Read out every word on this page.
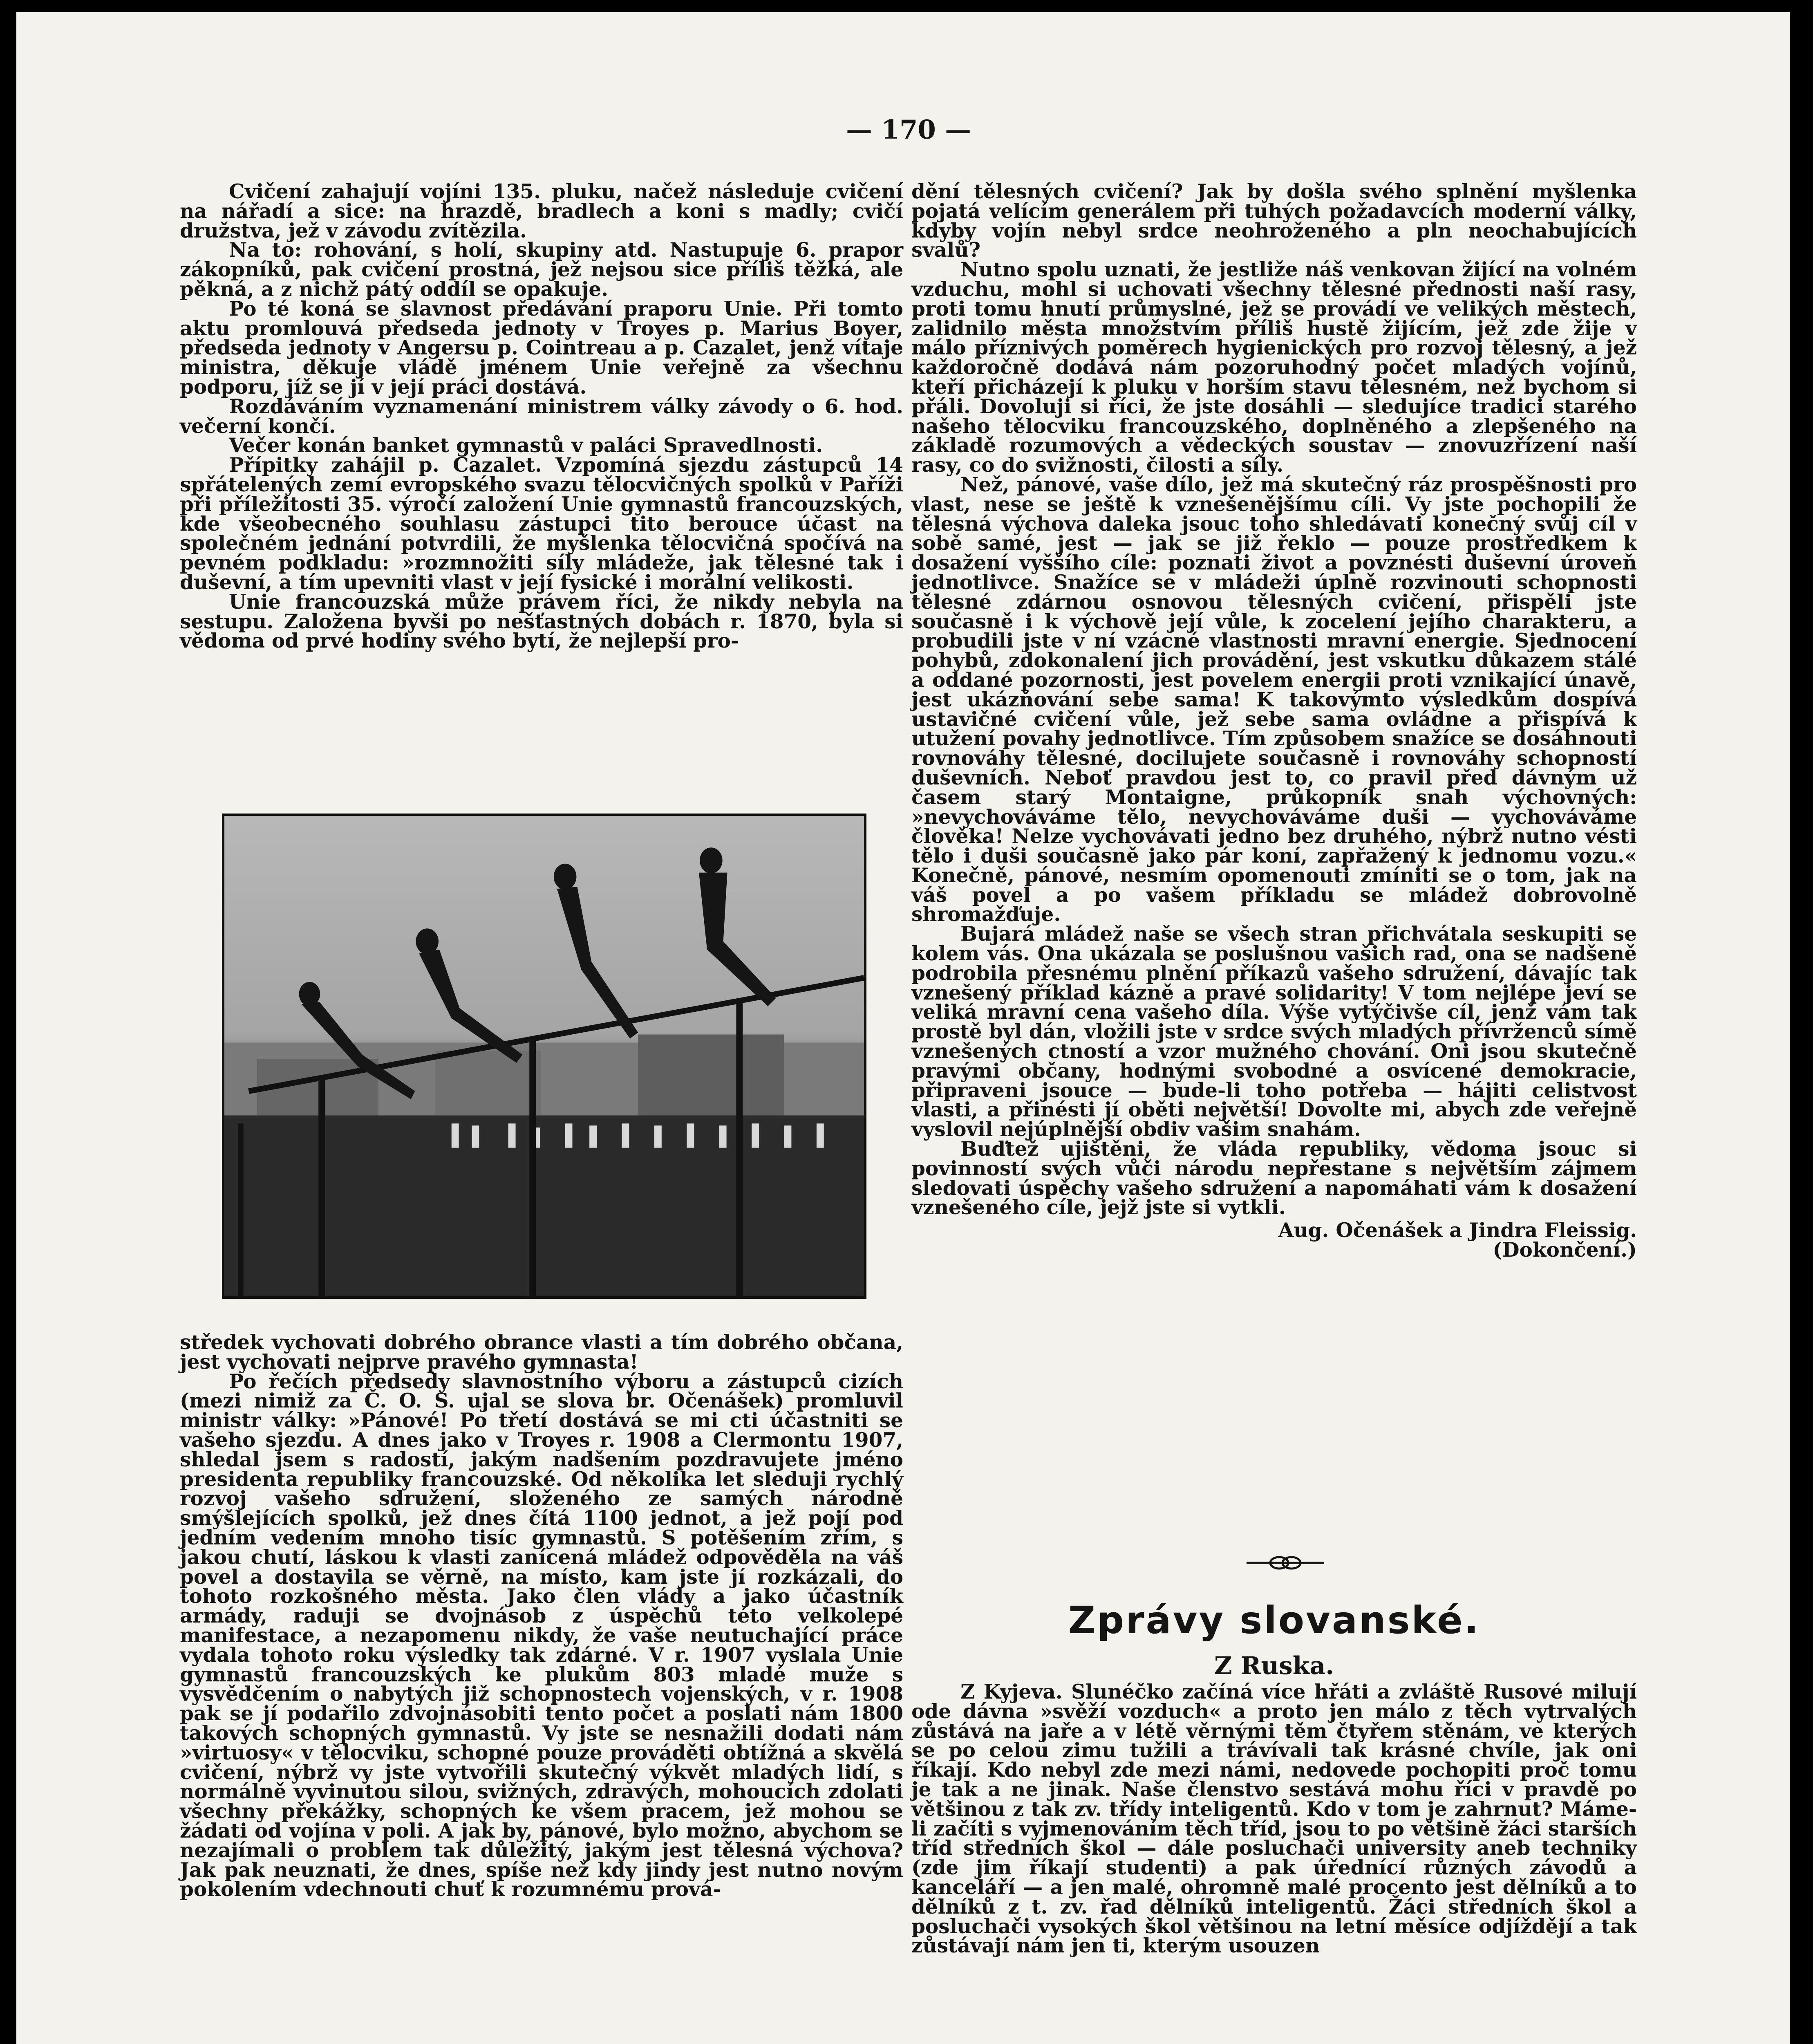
— 170 —

Cvičení zahajují vojíni 135. pluku, načež následuje cvičení na nářadí a sice: na hrazdě, bradlech a koni s madly; cvičí družstva, jež v závodu zvítězila.

Na to: rohování, s holí, skupiny atd. Nastupuje 6. prapor zákopníků, pak cvičení prostná, jež nejsou sice příliš těžká, ale pěkná, a z nichž pátý oddíl se opakuje.

Po té koná se slavnost předávání praporu Unie. Při tomto aktu promlouvá předseda jednoty v Troyes p. Marius Boyer, předseda jednoty v Angersu p. Cointreau a p. Cazalet, jenž vítaje ministra, děkuje vládě jménem Unie veřejně za všechnu podporu, jíž se jí v její práci dostává.

Rozdáváním vyznamenání ministrem války závody o 6. hod. večerní končí.

Večer konán banket gymnastů v paláci Spravedlnosti.

Přípitky zahájil p. Cazalet. Vzpomíná sjezdu zástupců 14 spřátelených zemí evropského svazu tělocvičných spolků v Paříži při příležitosti 35. výročí založení Unie gymnastů francouzských, kde všeobecného souhlasu zástupci tito berouce účast na společném jednání potvrdili, že myšlenka tělocvičná spočívá na pevném podkladu: »rozmnožiti síly mládeže, jak tělesné tak i duševní, a tím upevniti vlast v její fysické i morální velikosti.

Unie francouzská může právem říci, že nikdy nebyla na sestupu. Založena byvši po nešťastných dobách r. 1870, byla si vědoma od prvé hodiny svého bytí, že nejlepší pro-

středek vychovati dobrého obrance vlasti a tím dobrého občana, jest vychovati nejprve pravého gymnasta!

Po řečích předsedy slavnostního výboru a zástupců cizích (mezi nimiž za Č. O. S. ujal se slova br. Očenášek) promluvil ministr války: »Pánové! Po třetí dostává se mi cti účastniti se vašeho sjezdu. A dnes jako v Troyes r. 1908 a Clermontu 1907, shledal jsem s radostí, jakým nadšením pozdravujete jméno presidenta republiky francouzské. Od několika let sleduji rychlý rozvoj vašeho sdružení, složeného ze samých národně smýšlejících spolků, jež dnes čítá 1100 jednot, a jež pojí pod jedním vedením mnoho tisíc gymnastů. S potěšením zřím, s jakou chutí, láskou k vlasti zanícená mládež odpověděla na váš povel a dostavila se věrně, na místo, kam jste jí rozkázali, do tohoto rozkošného města. Jako člen vlády a jako účastník armády, raduji se dvojnásob z úspěchů této velkolepé manifestace, a nezapomenu nikdy, že vaše neutuchající práce vydala tohoto roku výsledky tak zdárné. V r. 1907 vyslala Unie gymnastů francouzských ke plukům 803 mladé muže s vysvědčením o nabytých již schopnostech vojenských, v r. 1908 pak se jí podařilo zdvojnásobiti tento počet a poslati nám 1800 takových schopných gymnastů. Vy jste se nesnažili dodati nám »virtuosy« v tělocviku, schopné pouze prováděti obtížná a skvělá cvičení, nýbrž vy jste vytvořili skutečný výkvět mladých lidí, s normálně vyvinutou silou, svižných, zdravých, mohoucích zdolati všechny překážky, schopných ke všem pracem, jež mohou se žádati od vojína v poli. A jak by, pánové, bylo možno, abychom se nezajímali o problem tak důležitý, jakým jest tělesná výchova? Jak pak neuznati, že dnes, spíše než kdy jindy jest nutno novým pokolením vdechnouti chuť k rozumnému prová-

dění tělesných cvičení? Jak by došla svého splnění myšlenka pojatá velícím generálem při tuhých požadavcích moderní války, kdyby vojín nebyl srdce neohroženého a pln neochabujících svalů?

Nutno spolu uznati, že jestliže náš venkovan žijící na volném vzduchu, mohl si uchovati všechny tělesné přednosti naší rasy, proti tomu hnutí průmyslné, jež se provádí ve velikých městech, zalidnilo města množstvím příliš hustě žijícím, jež zde žije v málo příznivých poměrech hygienických pro rozvoj tělesný, a jež každoročně dodává nám pozoruhodný počet mladých vojínů, kteří přicházejí k pluku v horším stavu tělesném, než bychom si přáli. Dovoluji si říci, že jste dosáhli — sledujíce tradici starého našeho tělocviku francouzského, doplněného a zlepšeného na základě rozumových a vědeckých soustav — znovuzřízení naší rasy, co do svižnosti, čilosti a síly.

Než, pánové, vaše dílo, jež má skutečný ráz prospěšnosti pro vlast, nese se ještě k vznešenějšímu cíli. Vy jste pochopili že tělesná výchova daleka jsouc toho shledávati konečný svůj cíl v sobě samé, jest — jak se již řeklo — pouze prostředkem k dosažení vyššího cíle: poznati život a povznésti duševní úroveň jednotlivce. Snažíce se v mládeži úplně rozvinouti schopnosti tělesné zdárnou osnovou tělesných cvičení, přispěli jste současně i k výchově její vůle, k zocelení jejího charakteru, a probudili jste v ní vzácné vlastnosti mravní energie. Sjednocení pohybů, zdokonalení jich provádění, jest vskutku důkazem stálé a oddané pozornosti, jest povelem energii proti vznikající únavě, jest ukázňování sebe sama! K takovýmto výsledkům dospívá ustavičné cvičení vůle, jež sebe sama ovládne a přispívá k utužení povahy jednotlivce. Tím způsobem snažíce se dosáhnouti rovnováhy tělesné, docilujete současně i rovnováhy schopností duševních. Neboť pravdou jest to, co pravil před dávným už časem starý Montaigne, průkopník snah výchovných: »nevychováváme tělo, nevychováváme duši — vychováváme člověka! Nelze vychovávati jedno bez druhého, nýbrž nutno vésti tělo i duši současně jako pár koní, zapřažený k jednomu vozu.« Konečně, pánové, nesmím opomenouti zmíniti se o tom, jak na váš povel a po vašem příkladu se mládež dobrovolně shromažďuje.

Bujará mládež naše se všech stran přichvátala seskupiti se kolem vás. Ona ukázala se poslušnou vašich rad, ona se nadšeně podrobila přesnému plnění příkazů vašeho sdružení, dávajíc tak vznešený příklad kázně a pravé solidarity! V tom nejlépe jeví se veliká mravní cena vašeho díla. Výše vytýčivše cíl, jenž vám tak prostě byl dán, vložili jste v srdce svých mladých přívrženců símě vznešených ctností a vzor mužného chování. Oni jsou skutečně pravými občany, hodnými svobodné a osvícené demokracie, připraveni jsouce — bude-li toho potřeba — hájiti celistvost vlasti, a přinésti jí oběti největší! Dovolte mi, abych zde veřejně vyslovil nejúplnější obdiv vašim snahám.

Buďtež ujištěni, že vláda republiky, vědoma jsouc si povinností svých vůči národu nepřestane s největším zájmem sledovati úspěchy vašeho sdružení a napomáhati vám k dosažení vznešeného cíle, jejž jste si vytkli.

Aug. Očenášek a Jindra Fleissig.
(Dokončení.)
Zprávy slovanské.
Z Ruska.

Z Kyjeva. Slunéčko začíná více hřáti a zvláště Rusové milují ode dávna »svěží vozduch« a proto jen málo z těch vytrvalých zůstává na jaře a v létě věrnými těm čtyřem stěnám, ve kterých se po celou zimu tužili a trávívali tak krásné chvíle, jak oni říkají. Kdo nebyl zde mezi námi, nedovede pochopiti proč tomu je tak a ne jinak. Naše členstvo sestává mohu říci v pravdě po většinou z tak zv. třídy inteligentů. Kdo v tom je zahrnut? Máme-li začíti s vyjmenováním těch tříd, jsou to po většině žáci starších tříd středních škol — dále posluchači university aneb techniky (zde jim říkají studenti) a pak úřednící různých závodů a kanceláří — a jen malé, ohromně malé procento jest dělníků a to dělníků z t. zv. řad dělníků inteligentů. Žáci středních škol a posluchači vysokých škol většinou na letní měsíce odjíždějí a tak zůstávají nám jen ti, kterým usouzen
